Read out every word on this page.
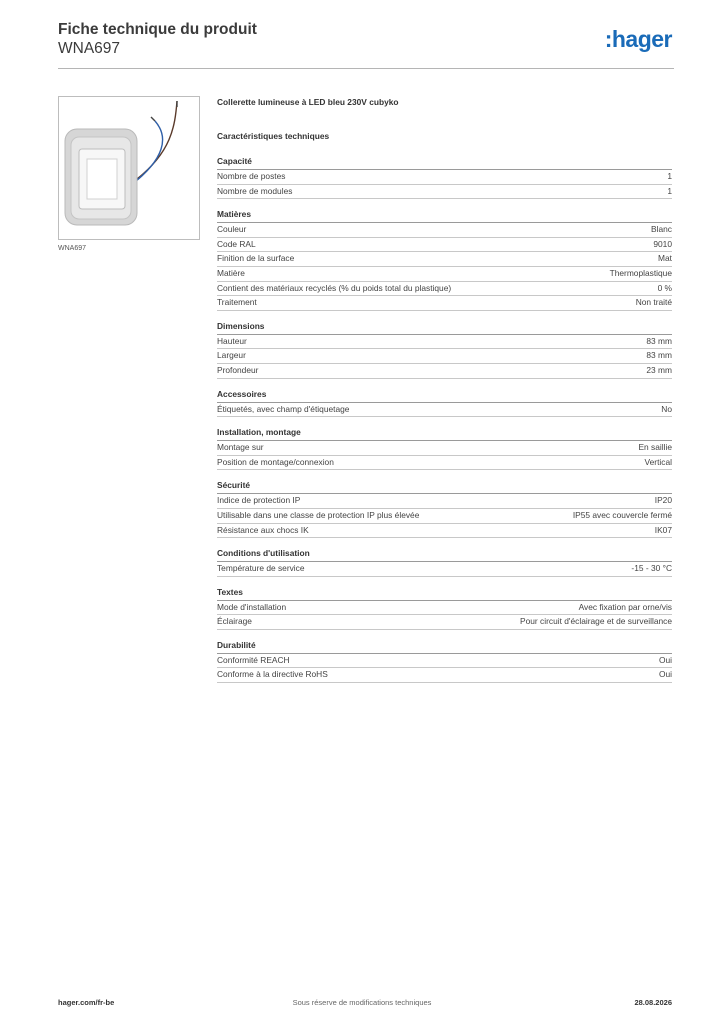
Fiche technique du produit
WNA697	:hager
WNA697
Collerette lumineuse à LED bleu 230V cubyko
Caractéristiques techniques
Capacité
Nombre de postes	1
Nombre de modules	1
Matières
Couleur	Blanc
Code RAL	9010
Finition de la surface	Mat
Matière	Thermoplastique
Contient des matériaux recyclés (% du poids total du plastique)	0 %
Traitement	Non traité
Dimensions
Hauteur	83 mm
Largeur	83 mm
Profondeur	23 mm
Accessoires
Étiquetés, avec champ d'étiquetage	No
Installation, montage
Montage sur	En saillie
Position de montage/connexion	Vertical
Sécurité
Indice de protection IP	IP20
Utilisable dans une classe de protection IP plus élevée	IP55 avec couvercle fermé
Résistance aux chocs IK	IK07
Conditions d'utilisation
Température de service	-15 - 30 °C
Textes
Mode d'installation	Avec fixation par orne/vis
Éclairage	Pour circuit d'éclairage et de surveillance
Durabilité
Conformité REACH	Oui
Conforme à la directive RoHS	Oui
hager.com/fr-be	Sous réserve de modifications techniques	28.08.2026
